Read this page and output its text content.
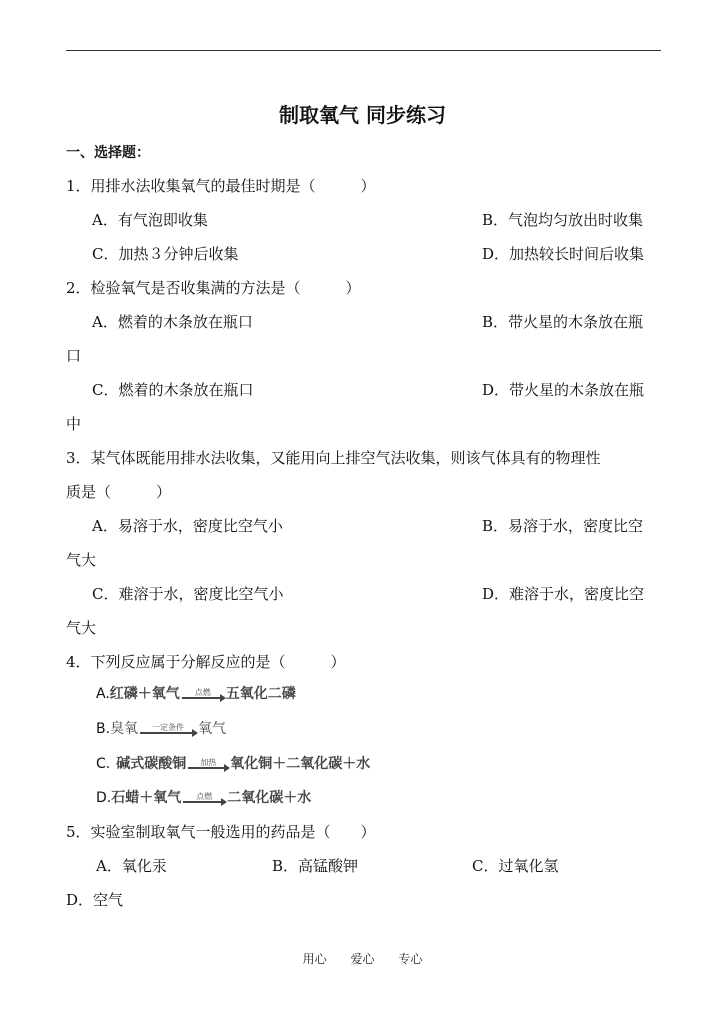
制取氧气 同步练习
一、选择题：
1．用排水法收集氧气的最佳时期是（　　　）
A．有气泡即收集	B．气泡均匀放出时收集
C．加热３分钟后收集	D．加热较长时间后收集
2．检验氧气是否收集满的方法是（　　　）
A．燃着的木条放在瓶口	B．带火星的木条放在瓶
口
C．燃着的木条放在瓶口	D．带火星的木条放在瓶
中
3．某气体既能用排水法收集，又能用向上排空气法收集，则该气体具有的物理性
质是（　　　）
A．易溶于水，密度比空气小	B．易溶于水，密度比空
气大
C．难溶于水，密度比空气小	D．难溶于水，密度比空
气大
4．下列反应属于分解反应的是（　　　）
A. 红磷＋氧气 点燃 五氧化二磷
B. 臭氧 一定条件 氧气
C. 碱式碳酸铜 加热 氧化铜＋二氧化碳＋水
D. 石蜡＋氧气 点燃 二氧化碳＋水
5．实验室制取氧气一般选用的药品是（　　）
A．氧化汞	B．高锰酸钾	C．过氧化氢
D．空气
用心 爱心 专心
